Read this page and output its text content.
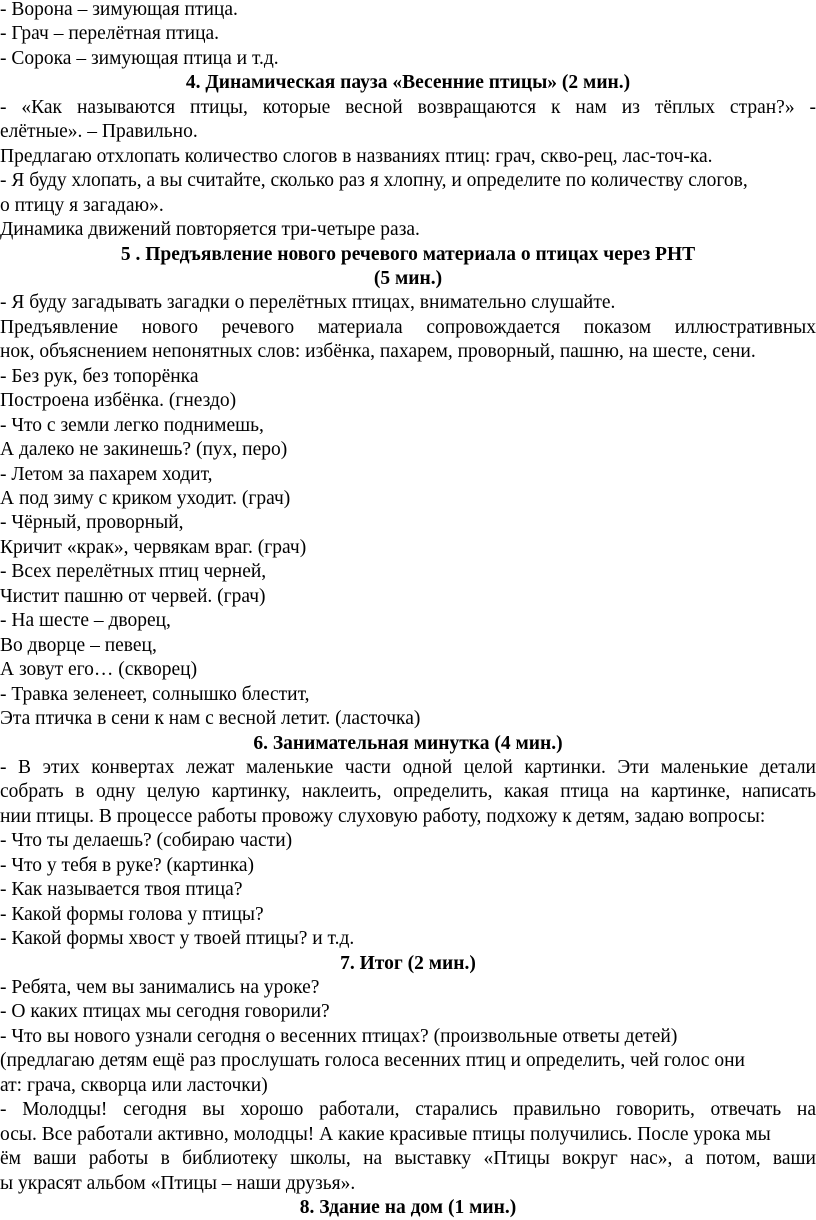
- Ворона – зимующая птица.
- Грач – перелётная птица.
- Сорока – зимующая птица и т.д.
4. Динамическая пауза «Весенние птицы» (2 мин.)
- «Как называются птицы, которые весной возвращаются к нам из тёплых стран?» -
елётные». – Правильно.
Предлагаю отхлопать количество слогов в названиях птиц: грач, скво-рец, лас-точ-ка.
- Я буду хлопать, а вы считайте, сколько раз я хлопну, и определите по количеству слогов,
о птицу я загадаю».
Динамика движений повторяется три-четыре раза.
5 . Предъявление нового речевого материала о птицах через РНТ
(5 мин.)
- Я буду загадывать загадки о перелётных птицах, внимательно слушайте.
Предъявление нового речевого материала сопровождается показом иллюстративных
нок, объяснением непонятных слов: избёнка, пахарем, проворный, пашню, на шесте, сени.
- Без рук, без топорёнка
Построена избёнка. (гнездо)
- Что с земли легко поднимешь,
А далеко не закинешь? (пух, перо)
- Летом за пахарем ходит,
А под зиму с криком уходит. (грач)
- Чёрный, проворный,
Кричит «крак», червякам враг. (грач)
- Всех перелётных птиц черней,
Чистит пашню от червей. (грач)
- На шесте – дворец,
Во дворце – певец,
А зовут его… (скворец)
- Травка зеленеет, солнышко блестит,
Эта птичка в сени к нам с весной летит. (ласточка)
6. Занимательная минутка (4 мин.)
- В этих конвертах лежат маленькие части одной целой картинки. Эти маленькие детали
собрать в одну целую картинку, наклеить, определить, какая птица на картинке, написать
нии птицы. В процессе работы провожу слуховую работу, подхожу к детям, задаю вопросы:
- Что ты делаешь? (собираю части)
- Что у тебя в руке? (картинка)
- Как называется твоя птица?
- Какой формы голова у птицы?
- Какой формы хвост у твоей птицы? и т.д.
7. Итог (2 мин.)
- Ребята, чем вы занимались на уроке?
- О каких птицах мы сегодня говорили?
- Что вы нового узнали сегодня о весенних птицах? (произвольные ответы детей)
(предлагаю детям ещё раз прослушать голоса весенних птиц и определить, чей голос они
ат: грача, скворца или ласточки)
- Молодцы! сегодня вы хорошо работали, старались правильно говорить, отвечать на
осы. Все работали активно, молодцы! А какие красивые птицы получились. После урока мы
ём ваши работы в библиотеку школы, на выставку «Птицы вокруг нас», а потом, ваши
ы украсят альбом «Птицы – наши друзья».
8. Здание на дом (1 мин.)
